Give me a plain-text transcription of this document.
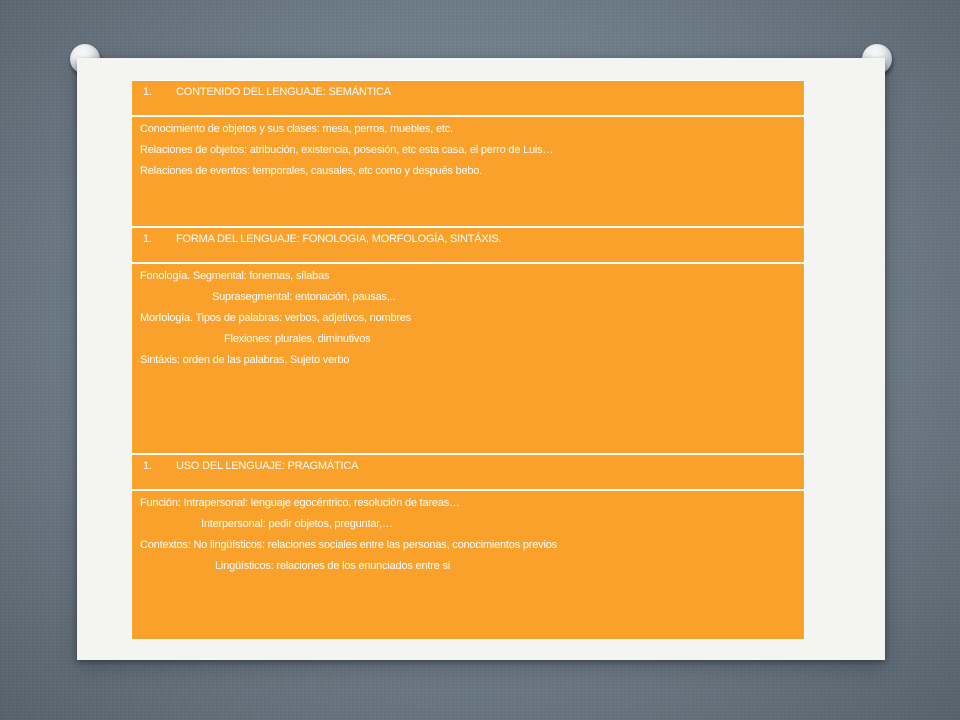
1. CONTENIDO DEL LENGUAJE: SEMÁNTICA
Conocimiento de objetos y sus clases: mesa, perros, muebles, etc.
Relaciones de objetos: atribución, existencia, posesión, etc esta casa, el perro de Luis…
Relaciones de eventos: temporales, causales, etc como y después bebo.
1. FORMA DEL LENGUAJE: FONOLOGIA, MORFOLOGÍA, SINTÁXIS.
Fonología. Segmental: fonemas, sílabas
Suprasegmental: entonación, pausas,..
Morfología. Tipos de palabras: verbos, adjetivos, nombres
Flexiones: plurales, diminutivos
Sintáxis: orden de las palabras. Sujeto verbo
1. USO DEL LENGUAJE: PRAGMÁTICA
Función: Intrapersonal: lenguaje egocéntrico, resolución de tareas…
Interpersonal: pedir objetos, preguntar,…
Contextos: No lingüísticos: relaciones sociales entre las personas, conocimientos previos
Lingüísticos: relaciones de los enunciados entre si
